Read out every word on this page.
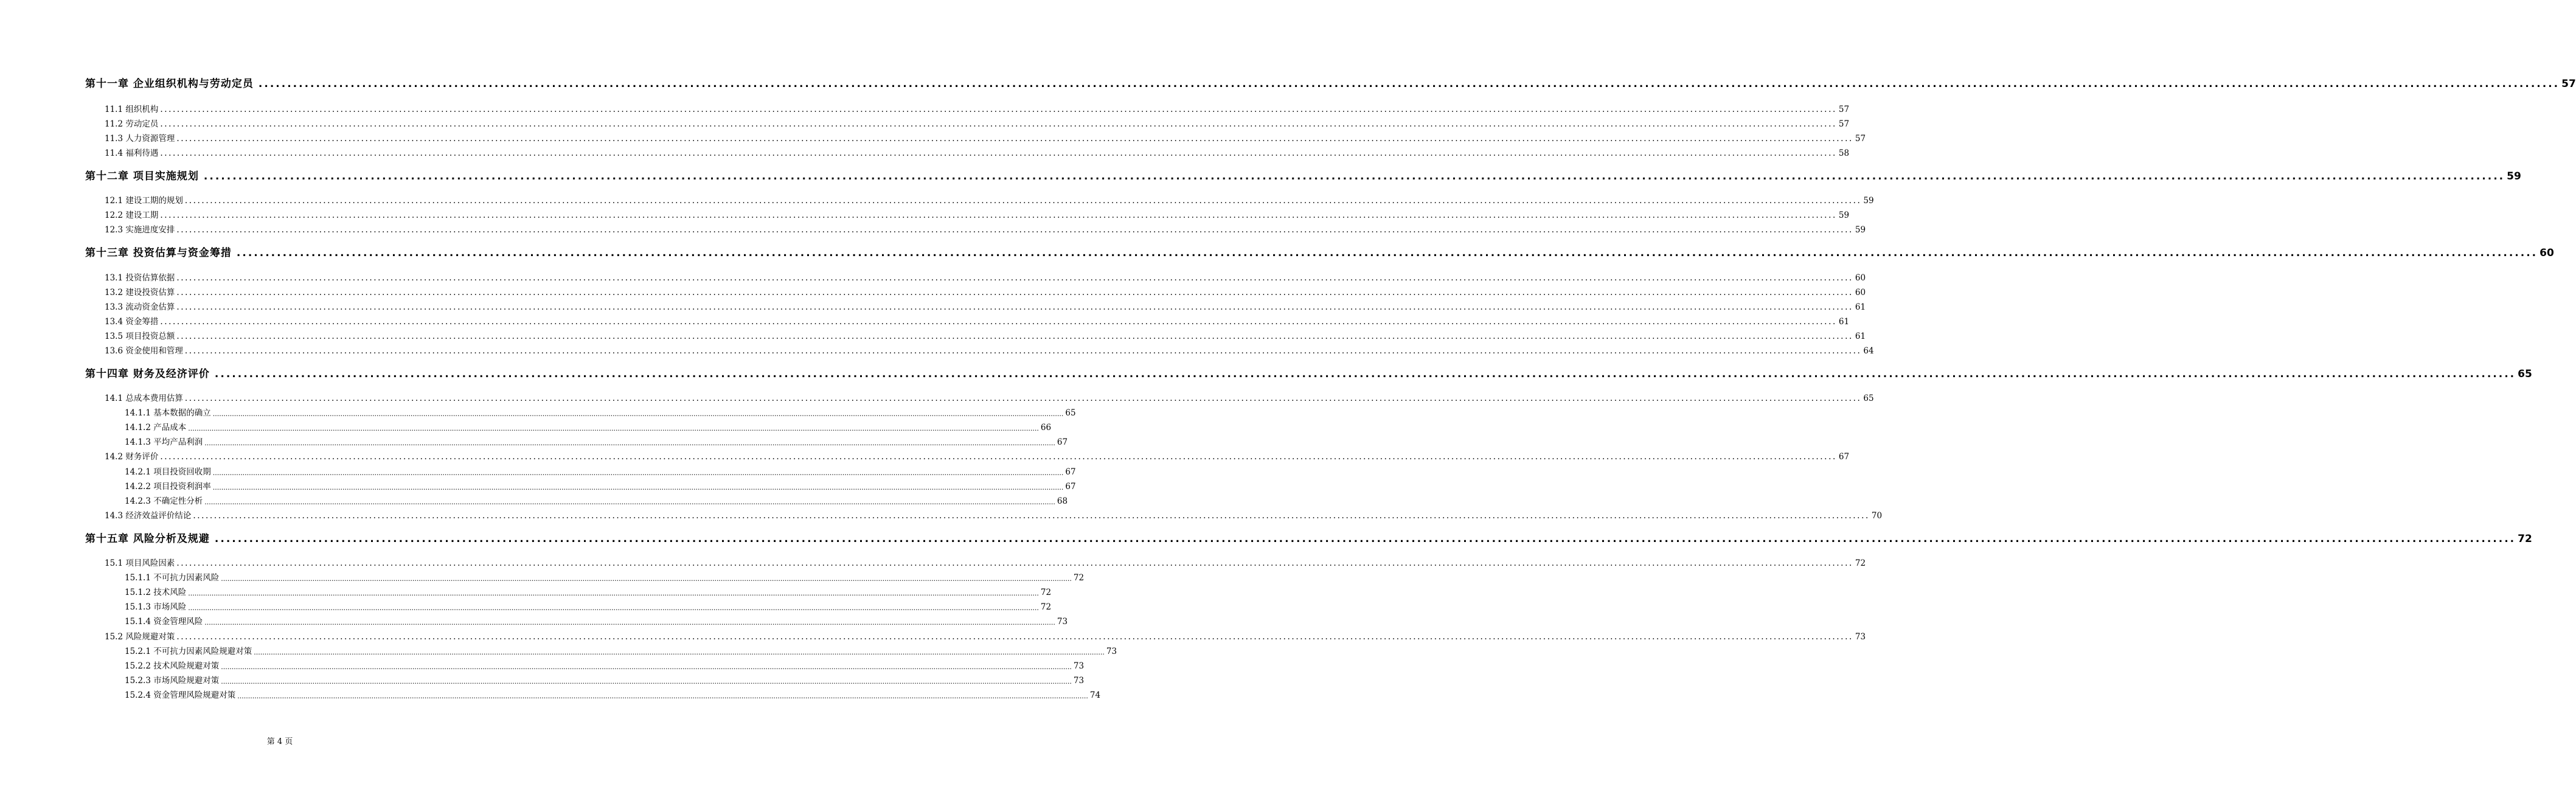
第十一章 企业组织机构与劳动定员 ................................................................................................................................................................................................................................................................................................................................................................................................................ 57
11.1 组织机构 ................................................................................................................................................................................................................................................................................................................................................................................................................ 57
11.2 劳动定员 ................................................................................................................................................................................................................................................................................................................................................................................................................ 57
11.3 人力资源管理 ................................................................................................................................................................................................................................................................................................................................................................................................................ 57
11.4 福利待遇 ................................................................................................................................................................................................................................................................................................................................................................................................................ 58
第十二章 项目实施规划 ................................................................................................................................................................................................................................................................................................................................................................................................................ 59
12.1 建设工期的规划 ................................................................................................................................................................................................................................................................................................................................................................................................................ 59
12.2 建设工期 ................................................................................................................................................................................................................................................................................................................................................................................................................ 59
12.3 实施进度安排 ................................................................................................................................................................................................................................................................................................................................................................................................................ 59
第十三章 投资估算与资金筹措 ................................................................................................................................................................................................................................................................................................................................................................................................................ 60
13.1 投资估算依据 ................................................................................................................................................................................................................................................................................................................................................................................................................ 60
13.2 建设投资估算 ................................................................................................................................................................................................................................................................................................................................................................................................................ 60
13.3 流动资金估算 ................................................................................................................................................................................................................................................................................................................................................................................................................ 61
13.4 资金筹措 ................................................................................................................................................................................................................................................................................................................................................................................................................ 61
13.5 项目投资总额 ................................................................................................................................................................................................................................................................................................................................................................................................................ 61
13.6 资金使用和管理 ................................................................................................................................................................................................................................................................................................................................................................................................................ 64
第十四章 财务及经济评价 ................................................................................................................................................................................................................................................................................................................................................................................................................ 65
14.1 总成本费用估算 ................................................................................................................................................................................................................................................................................................................................................................................................................ 65
14.1.1 基本数据的确立 ................................................................................................................................................................................................................................................................................................................................................................................................................ 65
14.1.2 产品成本 ................................................................................................................................................................................................................................................................................................................................................................................................................ 66
14.1.3 平均产品利润 ................................................................................................................................................................................................................................................................................................................................................................................................................ 67
14.2 财务评价 ................................................................................................................................................................................................................................................................................................................................................................................................................ 67
14.2.1 项目投资回收期 ................................................................................................................................................................................................................................................................................................................................................................................................................ 67
14.2.2 项目投资利润率 ................................................................................................................................................................................................................................................................................................................................................................................................................ 67
14.2.3 不确定性分析 ................................................................................................................................................................................................................................................................................................................................................................................................................ 68
14.3 经济效益评价结论 ................................................................................................................................................................................................................................................................................................................................................................................................................ 70
第十五章 风险分析及规避 ................................................................................................................................................................................................................................................................................................................................................................................................................ 72
15.1 项目风险因素 ................................................................................................................................................................................................................................................................................................................................................................................................................ 72
15.1.1 不可抗力因素风险 ................................................................................................................................................................................................................................................................................................................................................................................................................ 72
15.1.2 技术风险 ................................................................................................................................................................................................................................................................................................................................................................................................................ 72
15.1.3 市场风险 ................................................................................................................................................................................................................................................................................................................................................................................................................ 72
15.1.4 资金管理风险 ................................................................................................................................................................................................................................................................................................................................................................................................................ 73
15.2 风险规避对策 ................................................................................................................................................................................................................................................................................................................................................................................................................ 73
15.2.1 不可抗力因素风险规避对策 ................................................................................................................................................................................................................................................................................................................................................................................................................ 73
15.2.2 技术风险规避对策 ................................................................................................................................................................................................................................................................................................................................................................................................................ 73
15.2.3 市场风险规避对策 ................................................................................................................................................................................................................................................................................................................................................................................................................ 73
15.2.4 资金管理风险规避对策 ................................................................................................................................................................................................................................................................................................................................................................................................................ 74
第 4 页
